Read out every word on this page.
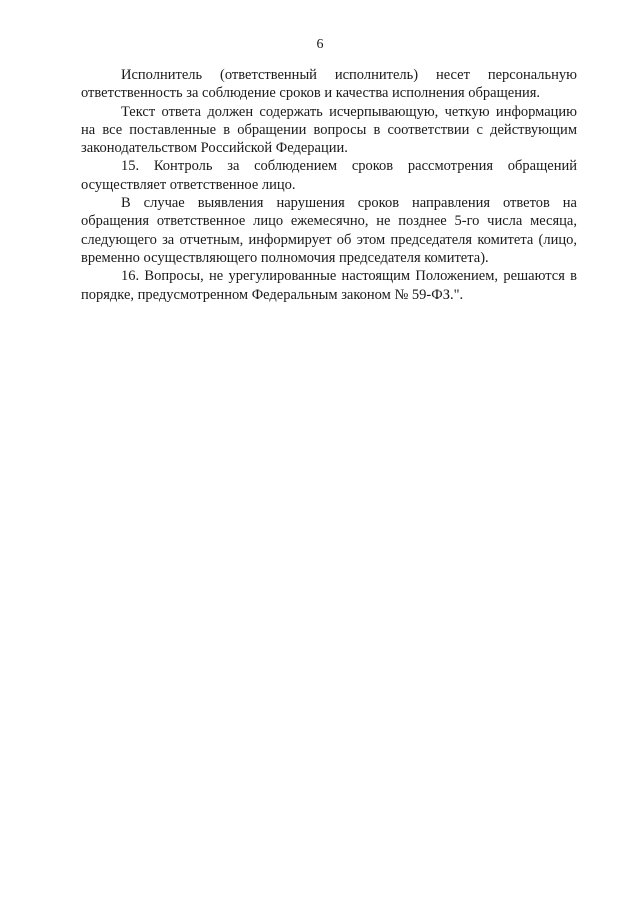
6

Исполнитель (ответственный исполнитель) несет персональную ответственность за соблюдение сроков и качества исполнения обращения.

Текст ответа должен содержать исчерпывающую, четкую информацию на все поставленные в обращении вопросы в соответствии с действующим законодательством Российской Федерации.

15. Контроль за соблюдением сроков рассмотрения обращений осуществляет ответственное лицо.

В случае выявления нарушения сроков направления ответов на обращения ответственное лицо ежемесячно, не позднее 5-го числа месяца, следующего за отчетным, информирует об этом председателя комитета (лицо, временно осуществляющего полномочия председателя комитета).

16. Вопросы, не урегулированные настоящим Положением, решаются в порядке, предусмотренном Федеральным законом № 59-ФЗ.".
